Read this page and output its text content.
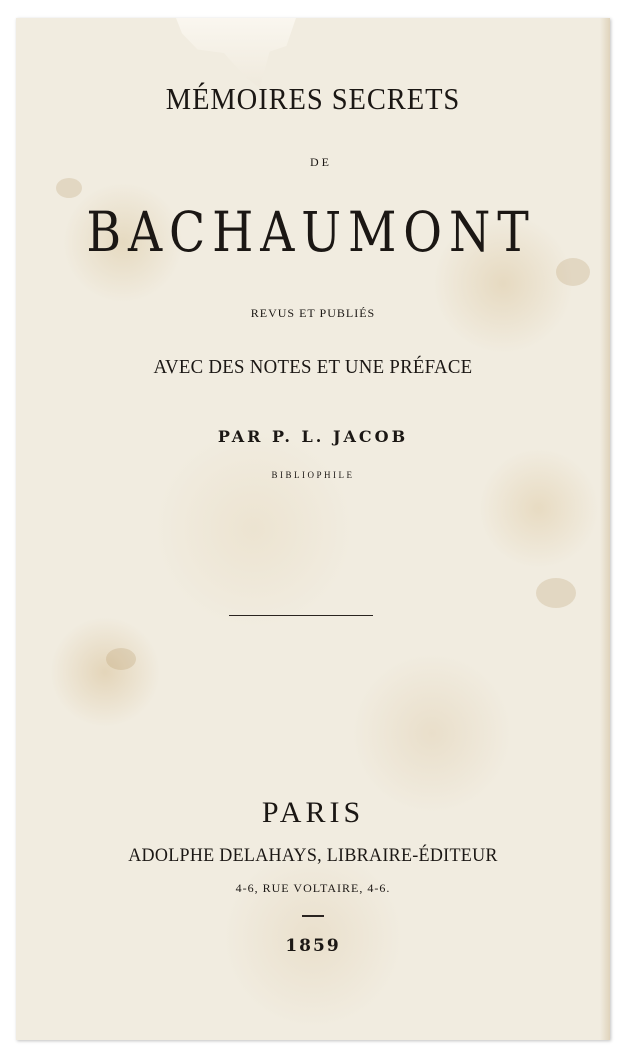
MÉMOIRES SECRETS
DE
BACHAUMONT
REVUS ET PUBLIÉS
AVEC DES NOTES ET UNE PRÉFACE
PAR P. L. JACOB
BIBLIOPHILE
PARIS
ADOLPHE DELAHAYS, LIBRAIRE-ÉDITEUR
4-6, RUE VOLTAIRE, 4-6.
1859
